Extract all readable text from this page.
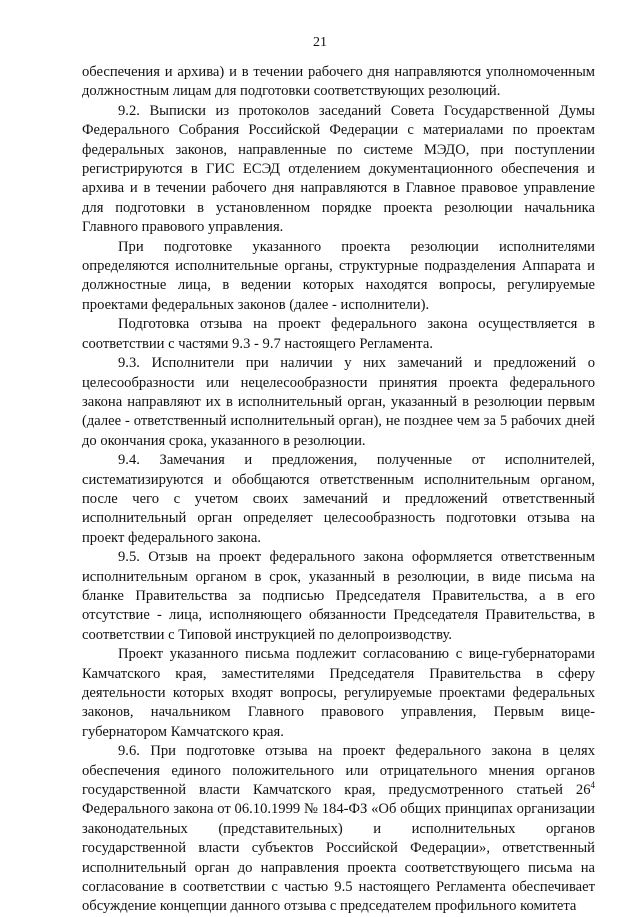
21

обеспечения и архива) и в течении рабочего дня направляются уполномоченным должностным лицам для подготовки соответствующих резолюций.

9.2. Выписки из протоколов заседаний Совета Государственной Думы Федерального Собрания Российской Федерации с материалами по проектам федеральных законов, направленные по системе МЭДО, при поступлении регистрируются в ГИС ЕСЭД отделением документационного обеспечения и архива и в течении рабочего дня направляются в Главное правовое управление для подготовки в установленном порядке проекта резолюции начальника Главного правового управления.

При подготовке указанного проекта резолюции исполнителями определяются исполнительные органы, структурные подразделения Аппарата и должностные лица, в ведении которых находятся вопросы, регулируемые проектами федеральных законов (далее - исполнители).

Подготовка отзыва на проект федерального закона осуществляется в соответствии с частями 9.3 - 9.7 настоящего Регламента.

9.3. Исполнители при наличии у них замечаний и предложений о целесообразности или нецелесообразности принятия проекта федерального закона направляют их в исполнительный орган, указанный в резолюции первым (далее - ответственный исполнительный орган), не позднее чем за 5 рабочих дней до окончания срока, указанного в резолюции.

9.4. Замечания и предложения, полученные от исполнителей, систематизируются и обобщаются ответственным исполнительным органом, после чего с учетом своих замечаний и предложений ответственный исполнительный орган определяет целесообразность подготовки отзыва на проект федерального закона.

9.5. Отзыв на проект федерального закона оформляется ответственным исполнительным органом в срок, указанный в резолюции, в виде письма на бланке Правительства за подписью Председателя Правительства, а в его отсутствие - лица, исполняющего обязанности Председателя Правительства, в соответствии с Типовой инструкцией по делопроизводству.

Проект указанного письма подлежит согласованию с вице-губернаторами Камчатского края, заместителями Председателя Правительства в сферу деятельности которых входят вопросы, регулируемые проектами федеральных законов, начальником Главного правового управления, Первым вице-губернатором Камчатского края.

9.6. При подготовке отзыва на проект федерального закона в целях обеспечения единого положительного или отрицательного мнения органов государственной власти Камчатского края, предусмотренного статьей $26^4$ Федерального закона от 06.10.1999 № 184-ФЗ «Об общих принципах организации законодательных (представительных) и исполнительных органов государственной власти субъектов Российской Федерации», ответственный исполнительный орган до направления проекта соответствующего письма на согласование в соответствии с частью 9.5 настоящего Регламента обеспечивает обсуждение концепции данного отзыва с председателем профильного комитета
